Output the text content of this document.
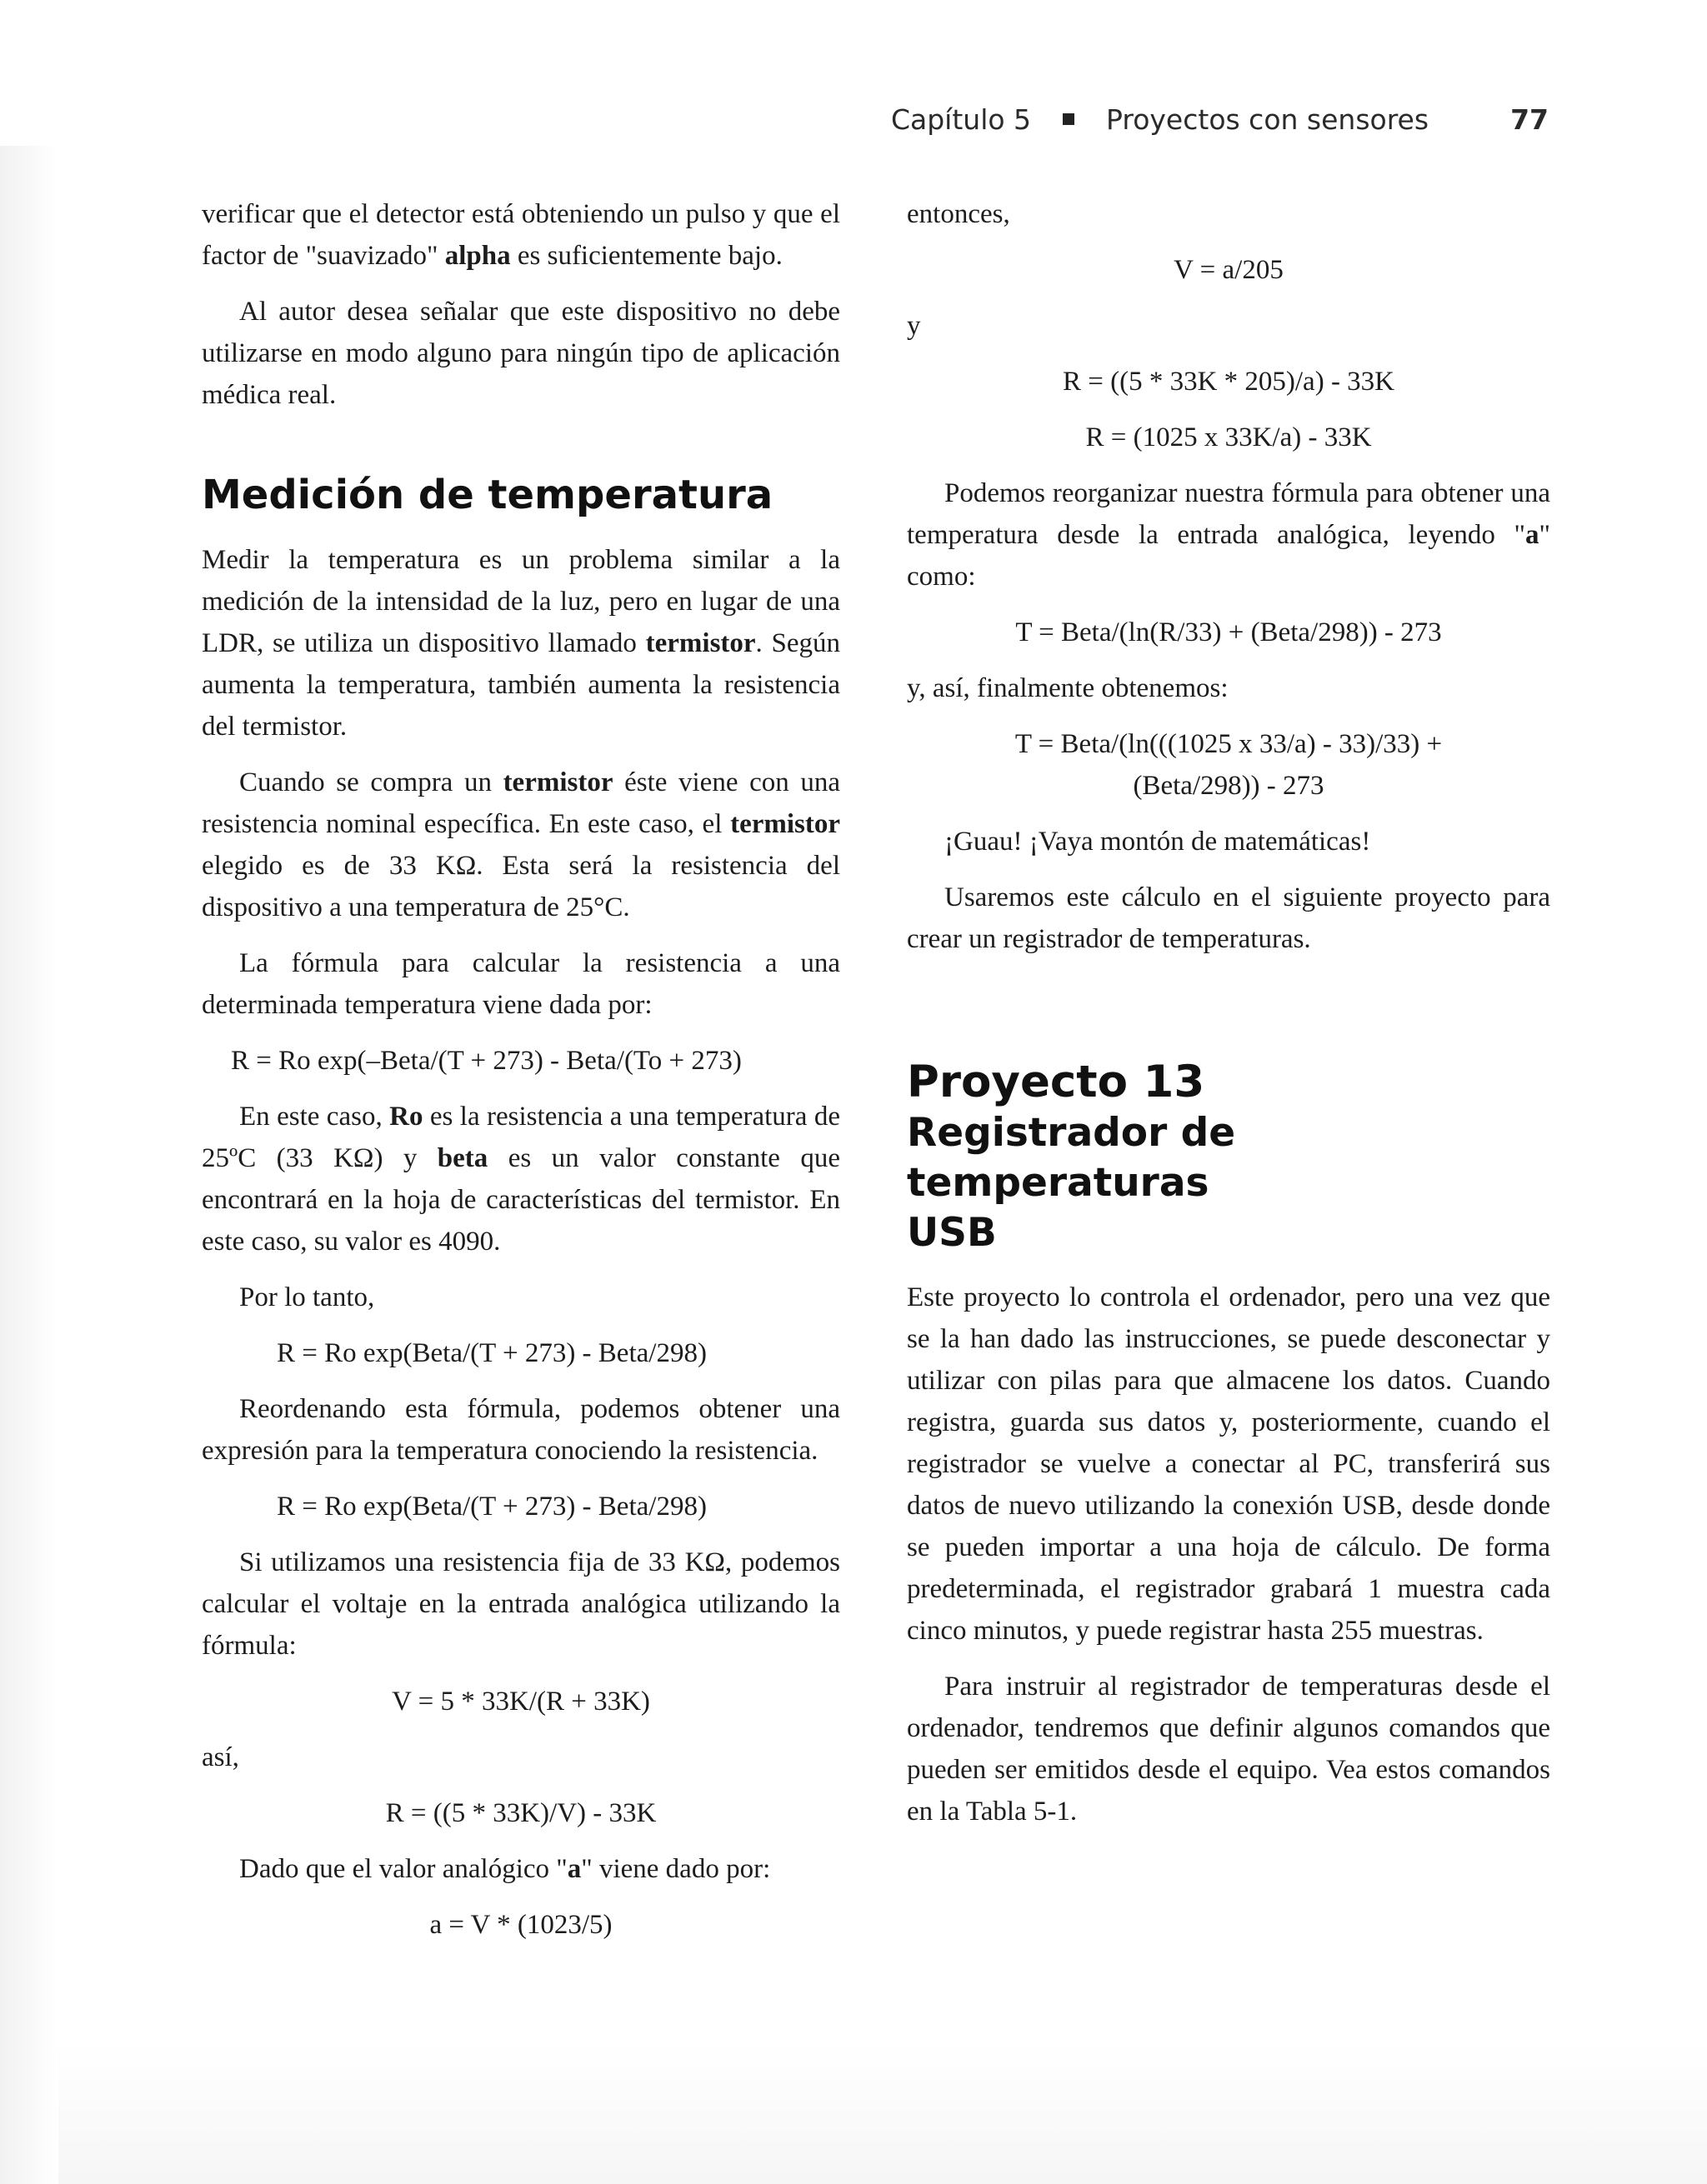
Capítulo 5	Proyectos con sensores	77

verificar que el detector está obteniendo un pulso y que el factor de "suavizado" alpha es suficientemente bajo.

Al autor desea señalar que este dispositivo no debe utilizarse en modo alguno para ningún tipo de aplicación médica real.

Medición de temperatura

Medir la temperatura es un problema similar a la medición de la intensidad de la luz, pero en lugar de una LDR, se utiliza un dispositivo llamado termistor. Según aumenta la temperatura, también aumenta la resistencia del termistor.

Cuando se compra un termistor éste viene con una resistencia nominal específica. En este caso, el termistor elegido es de 33 KΩ. Esta será la resistencia del dispositivo a una temperatura de 25°C.

La fórmula para calcular la resistencia a una determinada temperatura viene dada por:

R = Ro exp(–Beta/(T + 273) - Beta/(To + 273)

En este caso, Ro es la resistencia a una temperatura de 25ºC (33 KΩ) y beta es un valor constante que encontrará en la hoja de características del termistor. En este caso, su valor es 4090.

Por lo tanto,

R = Ro exp(Beta/(T + 273) - Beta/298)

Reordenando esta fórmula, podemos obtener una expresión para la temperatura conociendo la resistencia.

R = Ro exp(Beta/(T + 273) - Beta/298)

Si utilizamos una resistencia fija de 33 KΩ, podemos calcular el voltaje en la entrada analógica utilizando la fórmula:

V = 5 * 33K/(R + 33K)

así,

R = ((5 * 33K)/V) - 33K

Dado que el valor analógico "a" viene dado por:

a = V * (1023/5)

entonces,

V = a/205

y

R = ((5 * 33K * 205)/a) - 33K
R = (1025 x 33K/a) - 33K

Podemos reorganizar nuestra fórmula para obtener una temperatura desde la entrada analógica, leyendo "a" como:

T = Beta/(ln(R/33) + (Beta/298)) - 273

y, así, finalmente obtenemos:

T = Beta/(ln(((1025 x 33/a) - 33)/33) +
(Beta/298)) - 273

¡Guau! ¡Vaya montón de matemáticas!

Usaremos este cálculo en el siguiente proyecto para crear un registrador de temperaturas.

Proyecto 13
Registrador de temperaturas
USB

Este proyecto lo controla el ordenador, pero una vez que se la han dado las instrucciones, se puede desconectar y utilizar con pilas para que almacene los datos. Cuando registra, guarda sus datos y, posteriormente, cuando el registrador se vuelve a conectar al PC, transferirá sus datos de nuevo utilizando la conexión USB, desde donde se pueden importar a una hoja de cálculo. De forma predeterminada, el registrador grabará 1 muestra cada cinco minutos, y puede registrar hasta 255 muestras.

Para instruir al registrador de temperaturas desde el ordenador, tendremos que definir algunos comandos que pueden ser emitidos desde el equipo. Vea estos comandos en la Tabla 5-1.
